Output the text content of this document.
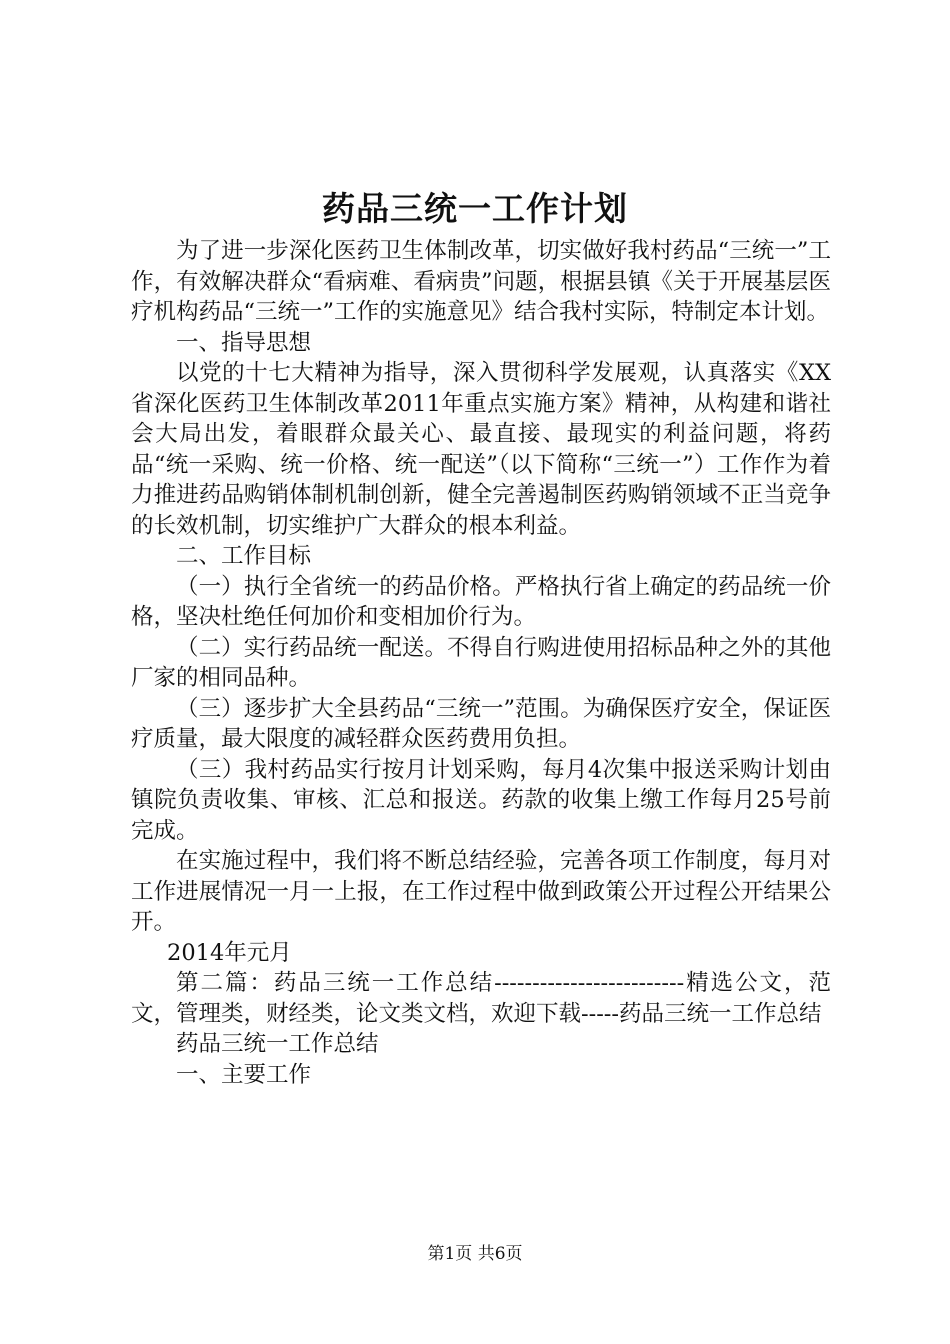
药品三统一工作计划

为了进一步深化医药卫生体制改革，切实做好我村药品“三统一”工作，有效解决群众“看病难、看病贵”问题，根据县镇《关于开展基层医疗机构药品“三统一”工作的实施意见》结合我村实际，特制定本计划。

一、指导思想

以党的十七大精神为指导，深入贯彻科学发展观，认真落实《XX省深化医药卫生体制改革2011年重点实施方案》精神，从构建和谐社会大局出发，着眼群众最关心、最直接、最现实的利益问题，将药品“统一采购、统一价格、统一配送”（以下简称“三统一”）工作作为着力推进药品购销体制机制创新，健全完善遏制医药购销领域不正当竞争的长效机制，切实维护广大群众的根本利益。

二、工作目标

（一）执行全省统一的药品价格。严格执行省上确定的药品统一价格，坚决杜绝任何加价和变相加价行为。

（二）实行药品统一配送。不得自行购进使用招标品种之外的其他厂家的相同品种。

（三）逐步扩大全县药品“三统一”范围。为确保医疗安全，保证医疗质量，最大限度的减轻群众医药费用负担。

（三）我村药品实行按月计划采购，每月4次集中报送采购计划由镇院负责收集、审核、汇总和报送。药款的收集上缴工作每月25号前完成。

在实施过程中，我们将不断总结经验，完善各项工作制度，每月对工作进展情况一月一上报，在工作过程中做到政策公开过程公开结果公开。

2014年元月

第二篇：药品三统一工作总结-------------------------精选公文，范文，管理类，财经类，论文类文档，欢迎下载-----药品三统一工作总结

药品三统一工作总结

一、主要工作

第1页 共6页
